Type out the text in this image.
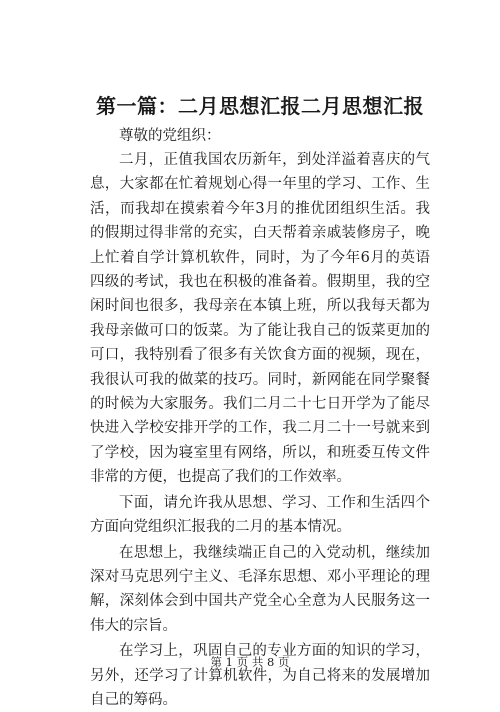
第一篇：二月思想汇报二月思想汇报

尊敬的党组织：

二月，正值我国农历新年，到处洋溢着喜庆的气息，大家都在忙着规划心得一年里的学习、工作、生活，而我却在摸索着今年3月的推优团组织生活。我的假期过得非常的充实，白天帮着亲戚装修房子，晚上忙着自学计算机软件，同时，为了今年6月的英语四级的考试，我也在积极的准备着。假期里，我的空闲时间也很多，我母亲在本镇上班，所以我每天都为我母亲做可口的饭菜。为了能让我自己的饭菜更加的可口，我特别看了很多有关饮食方面的视频，现在，我很认可我的做菜的技巧。同时，新网能在同学聚餐的时候为大家服务。我们二月二十七日开学为了能尽快进入学校安排开学的工作，我二月二十一号就来到了学校，因为寝室里有网络，所以，和班委互传文件非常的方便，也提高了我们的工作效率。

下面，请允许我从思想、学习、工作和生活四个方面向党组织汇报我的二月的基本情况。

在思想上，我继续端正自己的入党动机，继续加深对马克思列宁主义、毛泽东思想、邓小平理论的理解，深刻体会到中国共产党全心全意为人民服务这一伟大的宗旨。

在学习上，巩固自己的专业方面的知识的学习，另外，还学习了计算机软件，为自己将来的发展增加自己的筹码。

第 1 页 共 8 页
